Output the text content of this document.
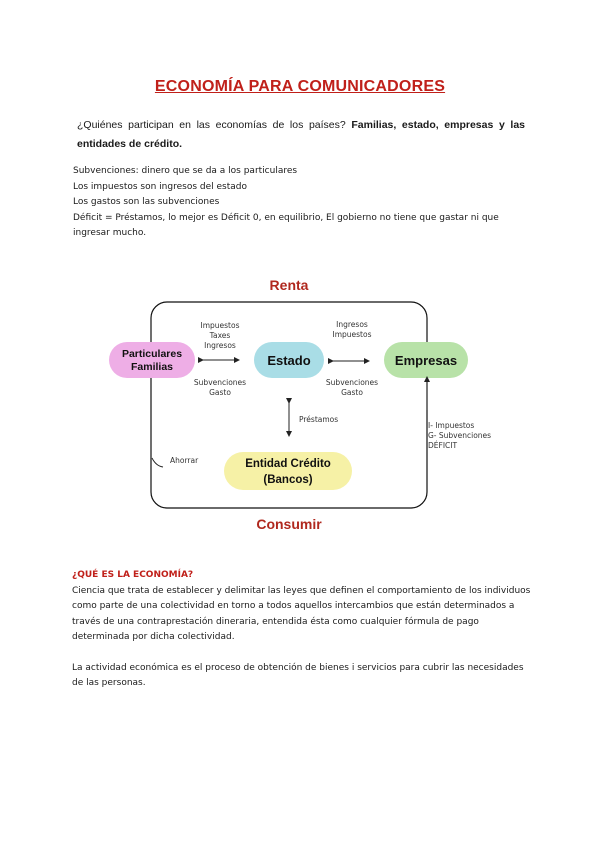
ECONOMÍA PARA COMUNICADORES
¿Quiénes participan en las economías de los países? Familias, estado, empresas y las entidades de crédito.
Subvenciones: dinero que se da a los particulares
Los impuestos son ingresos del estado
Los gastos son las subvenciones
Déficit = Préstamos, lo mejor es Déficit 0, en equilibrio, El gobierno no tiene que gastar ni que ingresar mucho.
Renta
Consumir
Particulares
Familias	Estado	Empresas
Entidad Crédito
(Bancos)
Impuestos
Taxes
Ingresos
Subvenciones
Gasto
Ingresos
Impuestos
Subvenciones
Gasto
Préstamos
Ahorrar
I- Impuestos
G- Subvenciones
DÉFICIT
¿QUÉ ES LA ECONOMÍA?

Ciencia que trata de establecer y delimitar las leyes que definen el comportamiento de los individuos como parte de una colectividad en torno a todos aquellos intercambios que están determinados a través de una contraprestación dineraria, entendida ésta como cualquier fórmula de pago determinada por dicha colectividad.

La actividad económica es el proceso de obtención de bienes i servicios para cubrir las necesidades de las personas.
